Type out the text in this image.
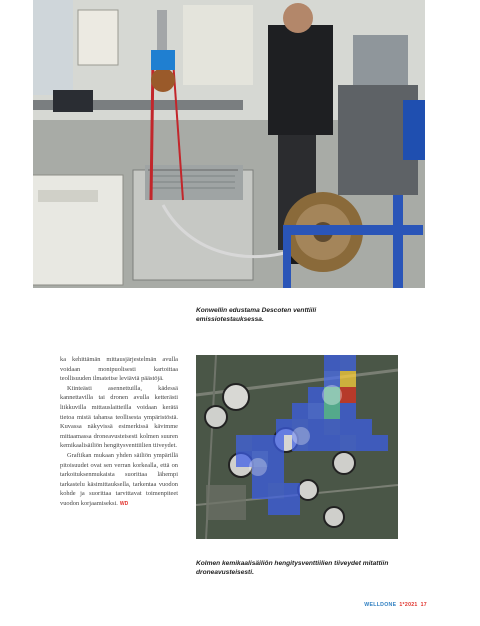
Konwellin edustama Descoten venttiili emissiotestauksessa.

ka kehittämän mittausjärjestelmän avulla voidaan monipuolisesti kartoittaa teollisuuden ilmateitse leviäviä päästöjä.

Kiinteästi asennettuilla, kädessä kannettavilla tai dronen avulla ketterästi liikkuvilla mittauslaitteilla voidaan kerätä tietoa mistä tahansa teollisesta ympäristöstä. Kuvassa näkyvissä esimerkissä kävimme mittaamassa droneavusteisesti kolmen suuren kemikaalisäiliön hengitysventtiilien tiiveydet.

Grafiikan mukaan yhden säiliön ympärillä pitoisuudet ovat sen verran korkealla, että on tarkoituksenmukaista suorittaa lähempi tarkastelu käsimittauksella, tarkentaa vuodon kohde ja suorittaa tarvittavat toimenpiteet vuodon korjaamiseksi. WD

Kolmen kemikaalisäiliön hengitysventtiilien tiiveydet mitattiin droneavusteisesti.
WELLDONE 1*2021 17
